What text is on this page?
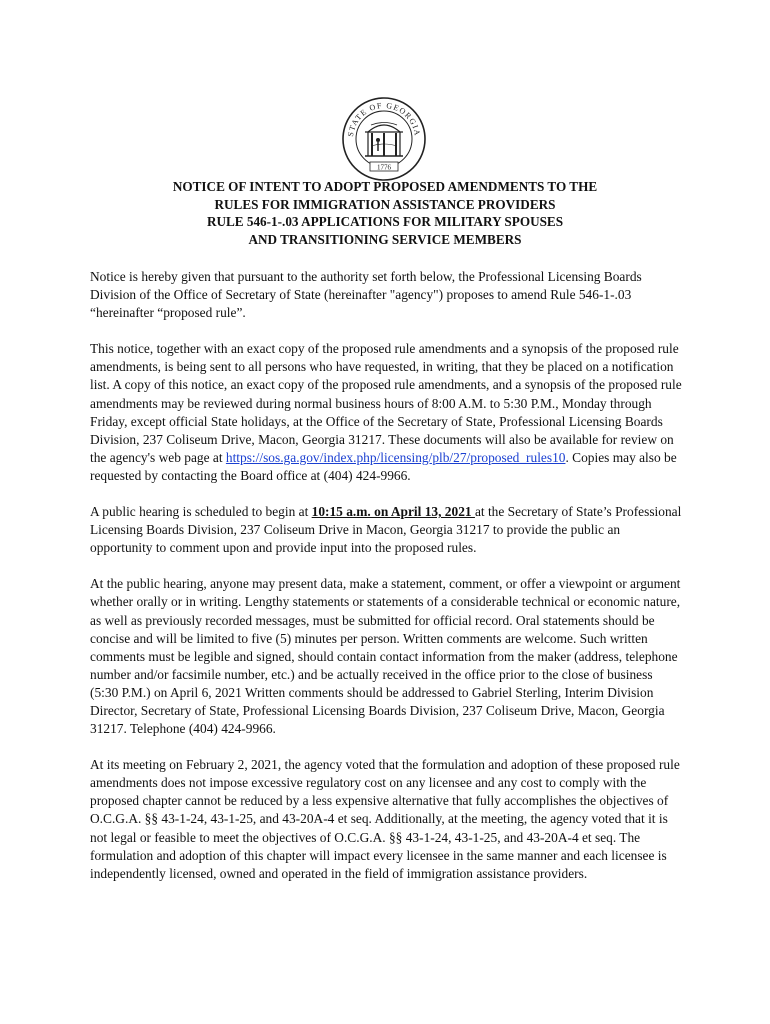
STATE OF GEORGIA
1776
NOTICE OF INTENT TO ADOPT PROPOSED AMENDMENTS TO THE
RULES FOR IMMIGRATION ASSISTANCE PROVIDERS
RULE 546-1-.03 APPLICATIONS FOR MILITARY SPOUSES
AND TRANSITIONING SERVICE MEMBERS

Notice is hereby given that pursuant to the authority set forth below, the Professional Licensing Boards Division of the Office of Secretary of State (hereinafter "agency") proposes to amend Rule 546-1-.03 “hereinafter “proposed rule”.

This notice, together with an exact copy of the proposed rule amendments and a synopsis of the proposed rule amendments, is being sent to all persons who have requested, in writing, that they be placed on a notification list. A copy of this notice, an exact copy of the proposed rule amendments, and a synopsis of the proposed rule amendments may be reviewed during normal business hours of 8:00 A.M. to 5:30 P.M., Monday through Friday, except official State holidays, at the Office of the Secretary of State, Professional Licensing Boards Division, 237 Coliseum Drive, Macon, Georgia 31217. These documents will also be available for review on the agency's web page at https://sos.ga.gov/index.php/licensing/plb/27/proposed_rules10. Copies may also be requested by contacting the Board office at (404) 424-9966.

A public hearing is scheduled to begin at 10:15 a.m. on April 13, 2021 at the Secretary of State’s Professional Licensing Boards Division, 237 Coliseum Drive in Macon, Georgia 31217 to provide the public an opportunity to comment upon and provide input into the proposed rules.

At the public hearing, anyone may present data, make a statement, comment, or offer a viewpoint or argument whether orally or in writing. Lengthy statements or statements of a considerable technical or economic nature, as well as previously recorded messages, must be submitted for official record. Oral statements should be concise and will be limited to five (5) minutes per person. Written comments are welcome. Such written comments must be legible and signed, should contain contact information from the maker (address, telephone number and/or facsimile number, etc.) and be actually received in the office prior to the close of business (5:30 P.M.) on April 6, 2021 Written comments should be addressed to Gabriel Sterling, Interim Division Director, Secretary of State, Professional Licensing Boards Division, 237 Coliseum Drive, Macon, Georgia 31217. Telephone (404) 424-9966.

At its meeting on February 2, 2021, the agency voted that the formulation and adoption of these proposed rule amendments does not impose excessive regulatory cost on any licensee and any cost to comply with the proposed chapter cannot be reduced by a less expensive alternative that fully accomplishes the objectives of O.C.G.A. §§ 43-1-24, 43-1-25, and 43-20A-4 et seq. Additionally, at the meeting, the agency voted that it is not legal or feasible to meet the objectives of O.C.G.A. §§ 43-1-24, 43-1-25, and 43-20A-4 et seq. The formulation and adoption of this chapter will impact every licensee in the same manner and each licensee is independently licensed, owned and operated in the field of immigration assistance providers.
